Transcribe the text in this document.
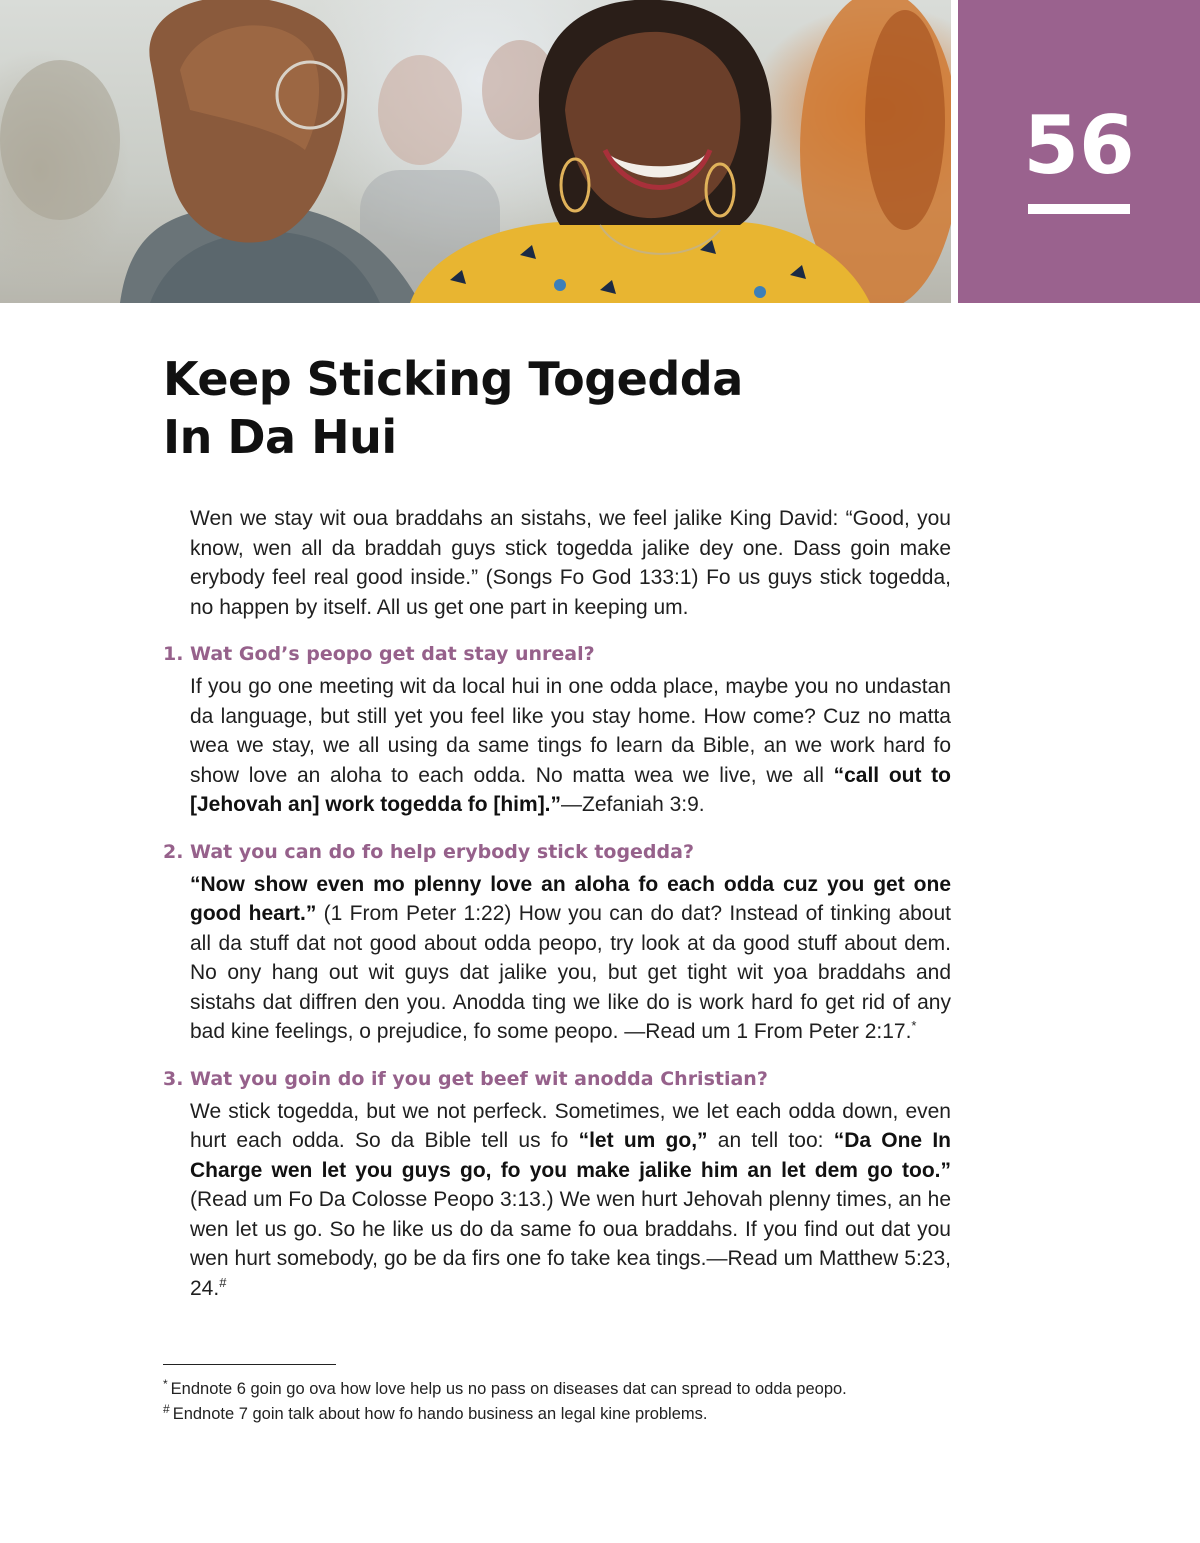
56
Keep Sticking Togedda
In Da Hui

Wen we stay wit oua braddahs an sistahs, we feel jalike King David: “Good, you know, wen all da braddah guys stick togedda jalike dey one. Dass goin make erybody feel real good inside.” (Songs Fo God 133:1) Fo us guys stick togedda, no happen by itself. All us get one part in keeping um.

1. Wat God’s peopo get dat stay unreal?

If you go one meeting wit da local hui in one odda place, maybe you no undastan da language, but still yet you feel like you stay home. How come? Cuz no matta wea we stay, we all using da same tings fo learn da Bible, an we work hard fo show love an aloha to each odda. No matta wea we live, we all “call out to [Jehovah an] work togedda fo [him].”—Zefaniah 3:9.

2. Wat you can do fo help erybody stick togedda?

“Now show even mo plenny love an aloha fo each odda cuz you get one good heart.” (1 From Peter 1:22) How you can do dat? Instead of tinking about all da stuff dat not good about odda peopo, try look at da good stuff about dem. No ony hang out wit guys dat jalike you, but get tight wit yoa braddahs and sistahs dat diffren den you. Anodda ting we like do is work hard fo get rid of any bad kine feelings, o prejudice, fo some peopo. —Read um 1 From Peter 2:17.*

3. Wat you goin do if you get beef wit anodda Christian?

We stick togedda, but we not perfeck. Sometimes, we let each odda down, even hurt each odda. So da Bible tell us fo “let um go,” an tell too: “Da One In Charge wen let you guys go, fo you make jalike him an let dem go too.” (Read um Fo Da Colosse Peopo 3:13.) We wen hurt Jehovah plenny times, an he wen let us go. So he like us do da same fo oua braddahs. If you find out dat you wen hurt somebody, go be da firs one fo take kea tings.—Read um Matthew 5:23, 24.#

* Endnote 6 goin go ova how love help us no pass on diseases dat can spread to odda peopo.
# Endnote 7 goin talk about how fo hando business an legal kine problems.
